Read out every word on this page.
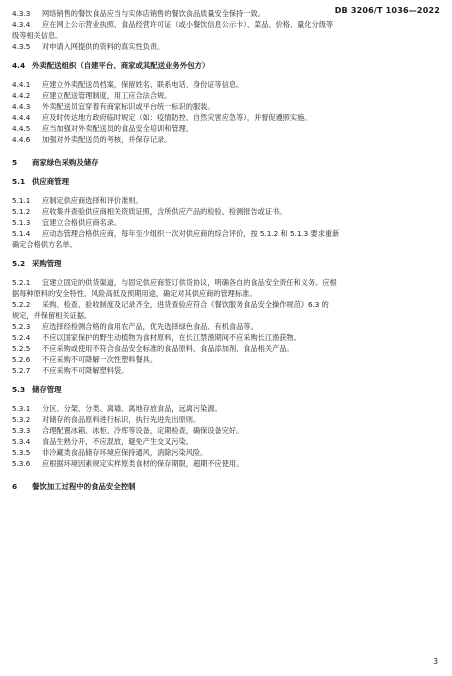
DB 3206/T 1036—2022
4.3.3	网络销售的餐饮食品应当与实体店销售的餐饮食品质量安全保持一致。
4.3.4	应在网上公示营业执照、食品经营许可证（或小餐饮信息公示卡）、菜品、价格、量化分级等
级等相关信息。
4.3.5	对申请入网提供的资料的真实性负责。
4.4 外卖配送组织（自建平台、商家或其配送业务外包方）
4.4.1	应建立外卖配送员档案，保留姓名、联系电话、身份证等信息。
4.4.2	应建立配送管理制度，用工应合法合规。
4.4.3	外卖配送员宜穿着有商家标识或平台统一标识的服装。
4.4.4	应及时传达地方政府临时规定（如：疫情防控、自然灾害应急等），并督促遵照实施。
4.4.5	应当加强对外卖配送员的食品安全培训和管理。
4.4.6	加强对外卖配送员的考核，并保存记录。
5	商家绿色采购及储存
5.1 供应商管理
5.1.1	应制定供应商选择和评价准则。
5.1.2	应收集并查验供应商相关资质证照，含所供应产品的检验、检测报告或证书。
5.1.3	宜建立合格供应商名录。
5.1.4	应动态管理合格供应商，每年至少组织一次对供应商的综合评价，按 5.1.2 和 5.1.3 要求重新
确定合格供方名单。
5.2 采购管理
5.2.1	宜建立固定的供货渠道，与固定供应商签订供货协议，明确各自的食品安全责任和义务。应根
据每种原料的安全特性、风险高低及预期用途，确定对其供应商的管理标准。
5.2.2	采购、检查、验收制度及记录齐全，进货查验应符合《餐饮服务食品安全操作规范》6.3 的
规定，并保留相关证据。
5.2.3	应选择经检测合格的食用农产品，优先选择绿色食品、有机食品等。
5.2.4	不应以国家保护的野生动植物为食材原料，在长江禁渔期间不应采购长江渔获物。
5.2.5	不应采购或使用不符合食品安全标准的食品原料、食品添加剂、食品相关产品。
5.2.6	不应采购不可降解一次性塑料餐具。
5.2.7	不应采购不可降解塑料袋。
5.3 储存管理
5.3.1	分区、分架、分类、离墙、离地存放食品，远离污染源。
5.3.2	对储存的食品原料进行标识，执行先进先出原则。
5.3.3	合理配置冰箱、冰柜、冷库等设备，定期检查，确保设备完好。
5.3.4	食品生熟分开，不应混放，避免产生交叉污染。
5.3.5	非冷藏类食品储存环境应保持通风，消除污染风险。
5.3.6	应根据环境因素规定实样原类食材的保存期限，超期不应使用。
6	餐饮加工过程中的食品安全控制
3
